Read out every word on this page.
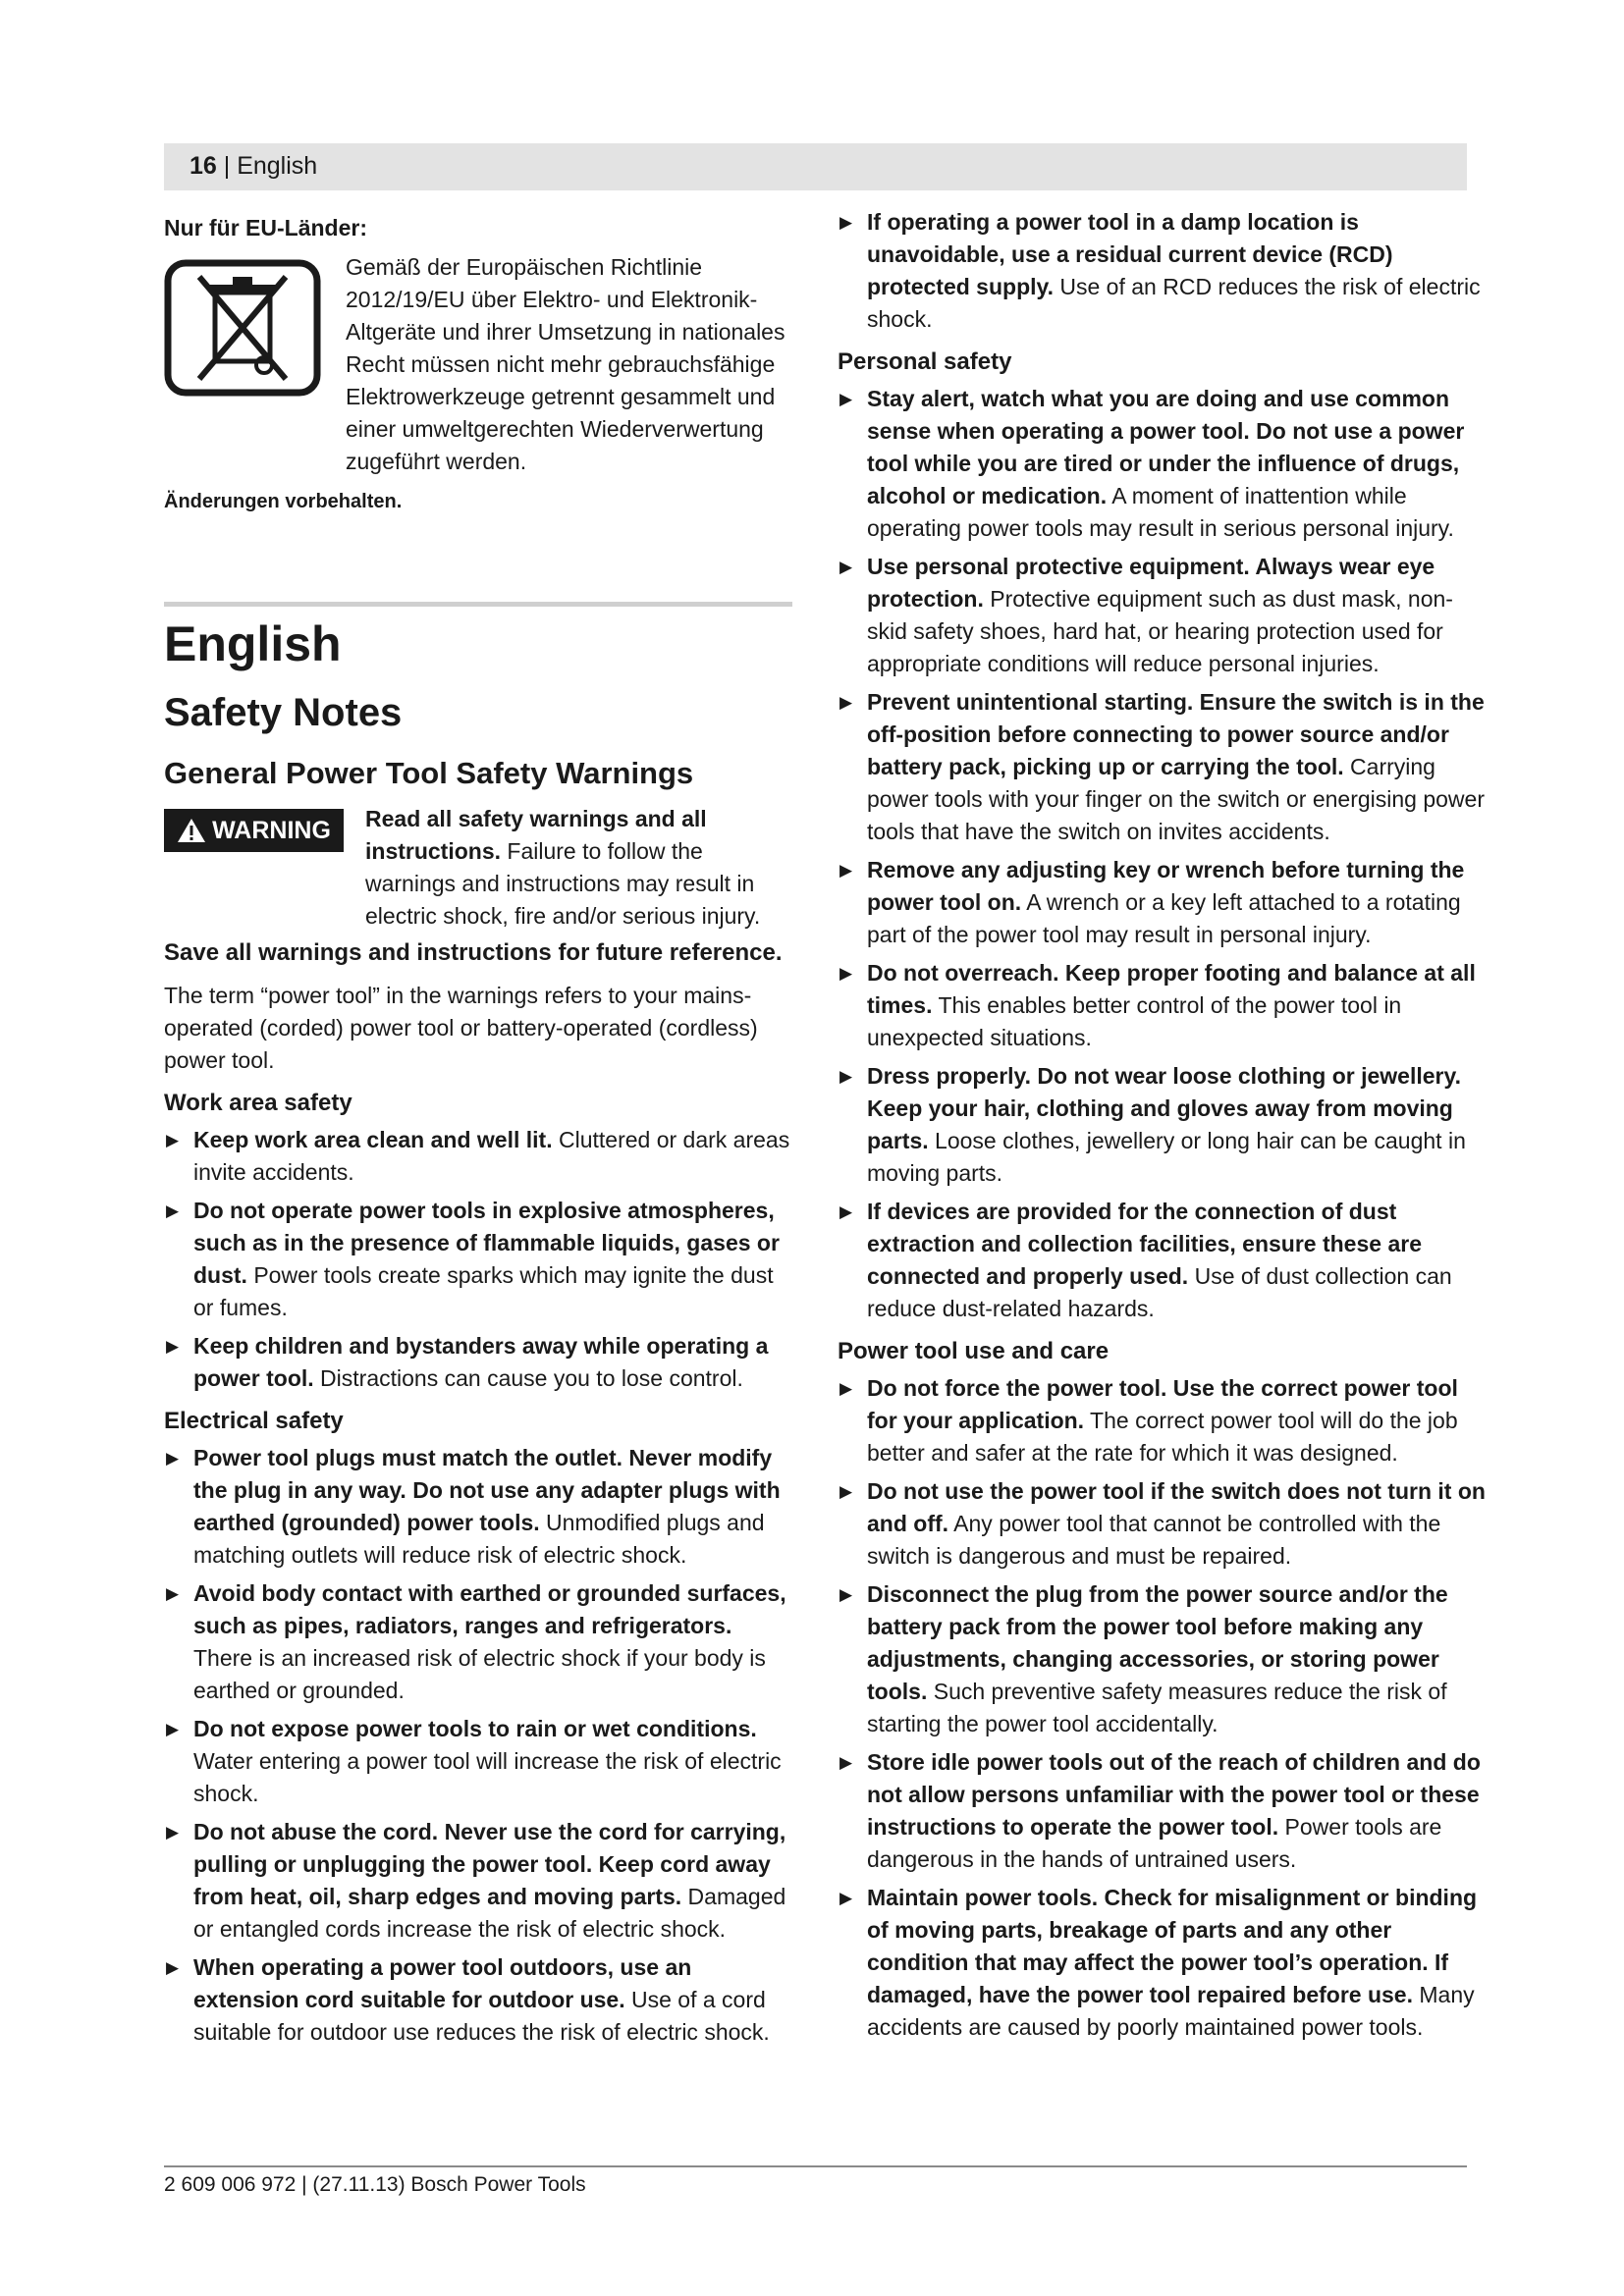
16 | English
Nur für EU-Länder:
Gemäß der Europäischen Richtlinie 2012/19/EU über Elektro- und Elektronik-Altgeräte und ihrer Umsetzung in nationales Recht müssen nicht mehr gebrauchsfähige Elektrowerkzeuge getrennt gesammelt und einer umweltgerechten Wiederverwertung zugeführt werden.
Änderungen vorbehalten.
English
Safety Notes
General Power Tool Safety Warnings
WARNING Read all safety warnings and all instructions. Failure to follow the warnings and instructions may result in electric shock, fire and/or serious injury.
Save all warnings and instructions for future reference.

The term “power tool” in the warnings refers to your mains-operated (corded) power tool or battery-operated (cordless) power tool.

Work area safety
▶ Keep work area clean and well lit. Cluttered or dark areas invite accidents.
▶ Do not operate power tools in explosive atmospheres, such as in the presence of flammable liquids, gases or dust. Power tools create sparks which may ignite the dust or fumes.
▶ Keep children and bystanders away while operating a power tool. Distractions can cause you to lose control.
Electrical safety
▶ Power tool plugs must match the outlet. Never modify the plug in any way. Do not use any adapter plugs with earthed (grounded) power tools. Unmodified plugs and matching outlets will reduce risk of electric shock.
▶ Avoid body contact with earthed or grounded surfaces, such as pipes, radiators, ranges and refrigerators. There is an increased risk of electric shock if your body is earthed or grounded.
▶ Do not expose power tools to rain or wet conditions. Water entering a power tool will increase the risk of electric shock.
▶ Do not abuse the cord. Never use the cord for carrying, pulling or unplugging the power tool. Keep cord away from heat, oil, sharp edges and moving parts. Damaged or entangled cords increase the risk of electric shock.
▶ When operating a power tool outdoors, use an extension cord suitable for outdoor use. Use of a cord suitable for outdoor use reduces the risk of electric shock.
▶ If operating a power tool in a damp location is unavoidable, use a residual current device (RCD) protected supply. Use of an RCD reduces the risk of electric shock.
Personal safety
▶ Stay alert, watch what you are doing and use common sense when operating a power tool. Do not use a power tool while you are tired or under the influence of drugs, alcohol or medication. A moment of inattention while operating power tools may result in serious personal injury.
▶ Use personal protective equipment. Always wear eye protection. Protective equipment such as dust mask, non-skid safety shoes, hard hat, or hearing protection used for appropriate conditions will reduce personal injuries.
▶ Prevent unintentional starting. Ensure the switch is in the off-position before connecting to power source and/or battery pack, picking up or carrying the tool. Carrying power tools with your finger on the switch or energising power tools that have the switch on invites accidents.
▶ Remove any adjusting key or wrench before turning the power tool on. A wrench or a key left attached to a rotating part of the power tool may result in personal injury.
▶ Do not overreach. Keep proper footing and balance at all times. This enables better control of the power tool in unexpected situations.
▶ Dress properly. Do not wear loose clothing or jewellery. Keep your hair, clothing and gloves away from moving parts. Loose clothes, jewellery or long hair can be caught in moving parts.
▶ If devices are provided for the connection of dust extraction and collection facilities, ensure these are connected and properly used. Use of dust collection can reduce dust-related hazards.
Power tool use and care
▶ Do not force the power tool. Use the correct power tool for your application. The correct power tool will do the job better and safer at the rate for which it was designed.
▶ Do not use the power tool if the switch does not turn it on and off. Any power tool that cannot be controlled with the switch is dangerous and must be repaired.
▶ Disconnect the plug from the power source and/or the battery pack from the power tool before making any adjustments, changing accessories, or storing power tools. Such preventive safety measures reduce the risk of starting the power tool accidentally.
▶ Store idle power tools out of the reach of children and do not allow persons unfamiliar with the power tool or these instructions to operate the power tool. Power tools are dangerous in the hands of untrained users.
▶ Maintain power tools. Check for misalignment or binding of moving parts, breakage of parts and any other condition that may affect the power tool’s operation. If damaged, have the power tool repaired before use. Many accidents are caused by poorly maintained power tools.
2 609 006 972 | (27.11.13) Bosch Power Tools
